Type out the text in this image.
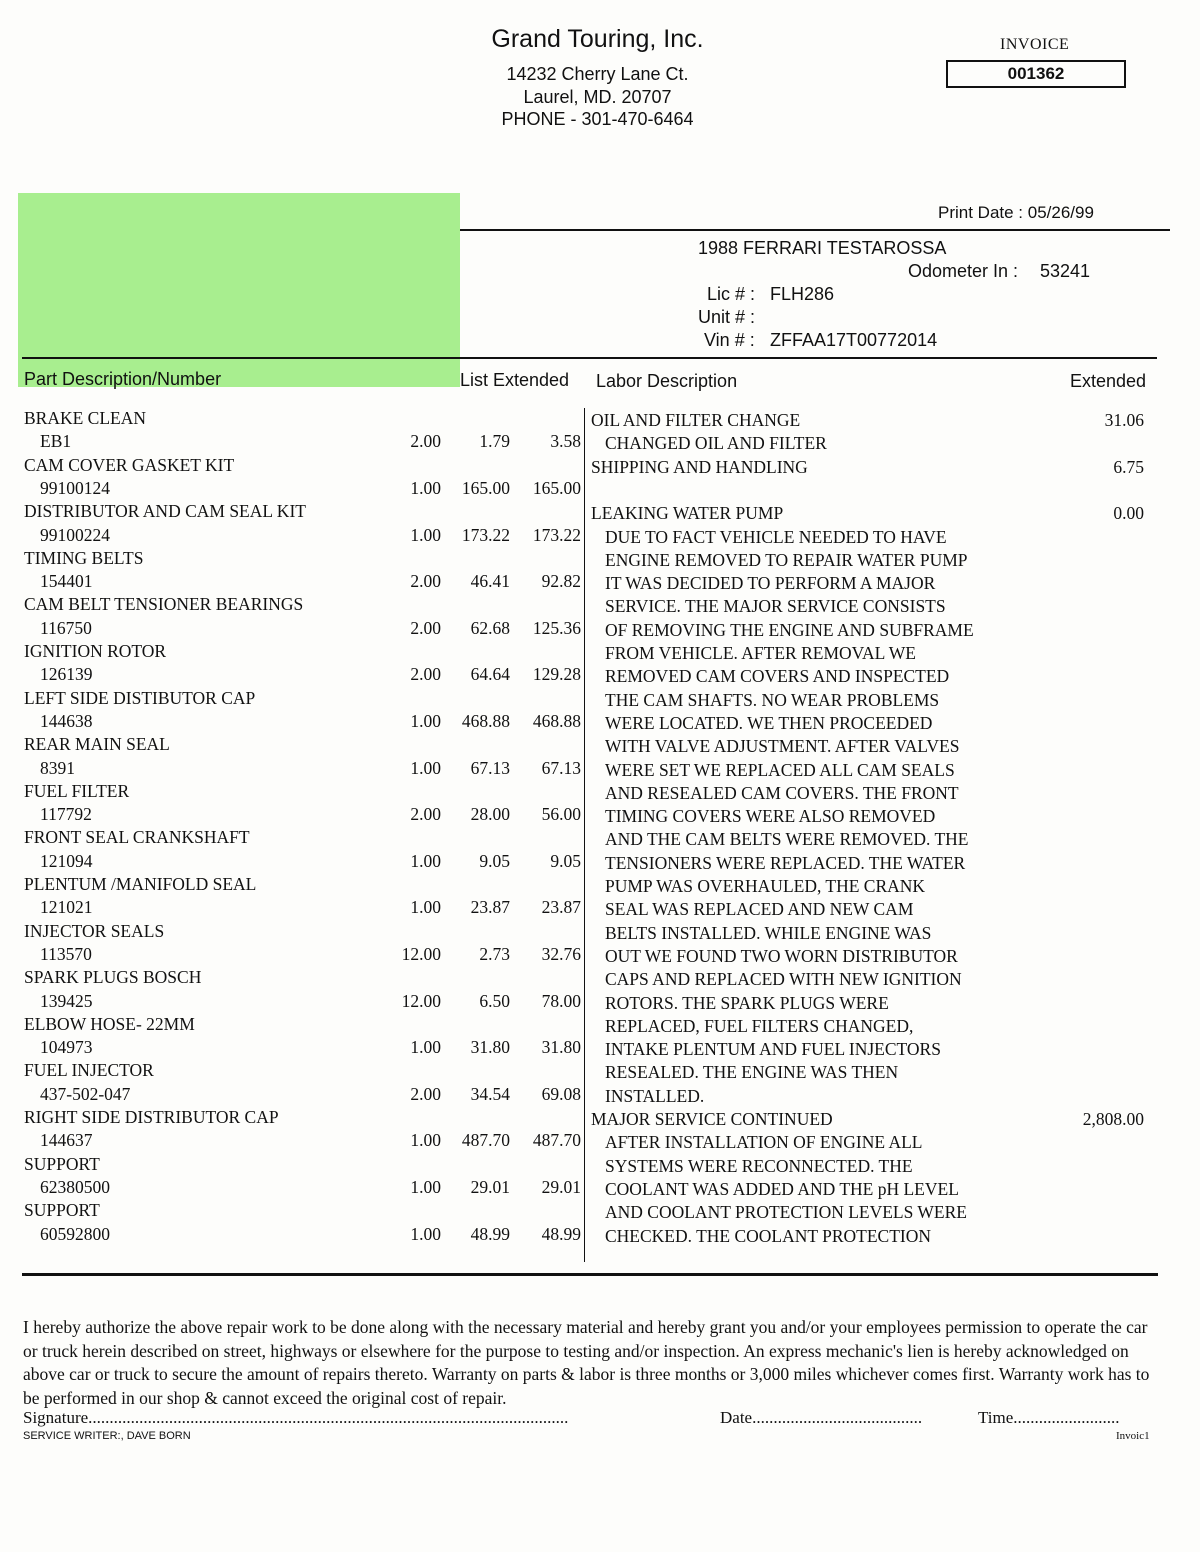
Grand Touring, Inc.
14232 Cherry Lane Ct.
Laurel, MD. 20707
PHONE - 301-470-6464
INVOICE
001362
Print Date : 05/26/99
1988 FERRARI TESTAROSSA
Odometer In : 53241
Lic # : FLH286
Unit # :
Vin # : ZFFAA17T00772014
Part Description/Number	List Extended Labor Description	Extended
BRAKE CLEAN
EB1	2.00	1.79	3.58
CAM COVER GASKET KIT
99100124	1.00	165.00	165.00
DISTRIBUTOR AND CAM SEAL KIT
99100224	1.00	173.22	173.22
TIMING BELTS
154401	2.00	46.41	92.82
CAM BELT TENSIONER BEARINGS
116750	2.00	62.68	125.36
IGNITION ROTOR
126139	2.00	64.64	129.28
LEFT SIDE DISTIBUTOR CAP
144638	1.00	468.88	468.88
REAR MAIN SEAL
8391	1.00	67.13	67.13
FUEL FILTER
117792	2.00	28.00	56.00
FRONT SEAL CRANKSHAFT
121094	1.00	9.05	9.05
PLENTUM /MANIFOLD SEAL
121021	1.00	23.87	23.87
INJECTOR SEALS
113570	12.00	2.73	32.76
SPARK PLUGS BOSCH
139425	12.00	6.50	78.00
ELBOW HOSE- 22MM
104973	1.00	31.80	31.80
FUEL INJECTOR
437-502-047	2.00	34.54	69.08
RIGHT SIDE DISTRIBUTOR CAP
144637	1.00	487.70	487.70
SUPPORT
62380500	1.00	29.01	29.01
SUPPORT
60592800	1.00	48.99	48.99
OIL AND FILTER CHANGE	31.06
CHANGED OIL AND FILTER
SHIPPING AND HANDLING	6.75
LEAKING WATER PUMP	0.00
DUE TO FACT VEHICLE NEEDED TO HAVE
ENGINE REMOVED TO REPAIR WATER PUMP
IT WAS DECIDED TO PERFORM A MAJOR
SERVICE. THE MAJOR SERVICE CONSISTS
OF REMOVING THE ENGINE AND SUBFRAME
FROM VEHICLE. AFTER REMOVAL WE
REMOVED CAM COVERS AND INSPECTED
THE CAM SHAFTS. NO WEAR PROBLEMS
WERE LOCATED. WE THEN PROCEEDED
WITH VALVE ADJUSTMENT. AFTER VALVES
WERE SET WE REPLACED ALL CAM SEALS
AND RESEALED CAM COVERS. THE FRONT
TIMING COVERS WERE ALSO REMOVED
AND THE CAM BELTS WERE REMOVED. THE
TENSIONERS WERE REPLACED. THE WATER
PUMP WAS OVERHAULED, THE CRANK
SEAL WAS REPLACED AND NEW CAM
BELTS INSTALLED. WHILE ENGINE WAS
OUT WE FOUND TWO WORN DISTRIBUTOR
CAPS AND REPLACED WITH NEW IGNITION
ROTORS. THE SPARK PLUGS WERE
REPLACED, FUEL FILTERS CHANGED,
INTAKE PLENTUM AND FUEL INJECTORS
RESEALED. THE ENGINE WAS THEN
INSTALLED.
MAJOR SERVICE CONTINUED	2,808.00
AFTER INSTALLATION OF ENGINE ALL
SYSTEMS WERE RECONNECTED. THE
COOLANT WAS ADDED AND THE pH LEVEL
AND COOLANT PROTECTION LEVELS WERE
CHECKED. THE COOLANT PROTECTION
I hereby authorize the above repair work to be done along with the necessary material and hereby grant you and/or your employees permission to operate the car or truck herein described on street, highways or elsewhere for the purpose to testing and/or inspection. An express mechanic's lien is hereby acknowledged on above car or truck to secure the amount of repairs thereto. Warranty on parts & labor is three months or 3,000 miles whichever comes first. Warranty work has to be performed in our shop & cannot exceed the original cost of repair.
Signature.................................................................................................................	Date........................................	Time.........................
SERVICE WRITER:, DAVE BORN	Invoic1
